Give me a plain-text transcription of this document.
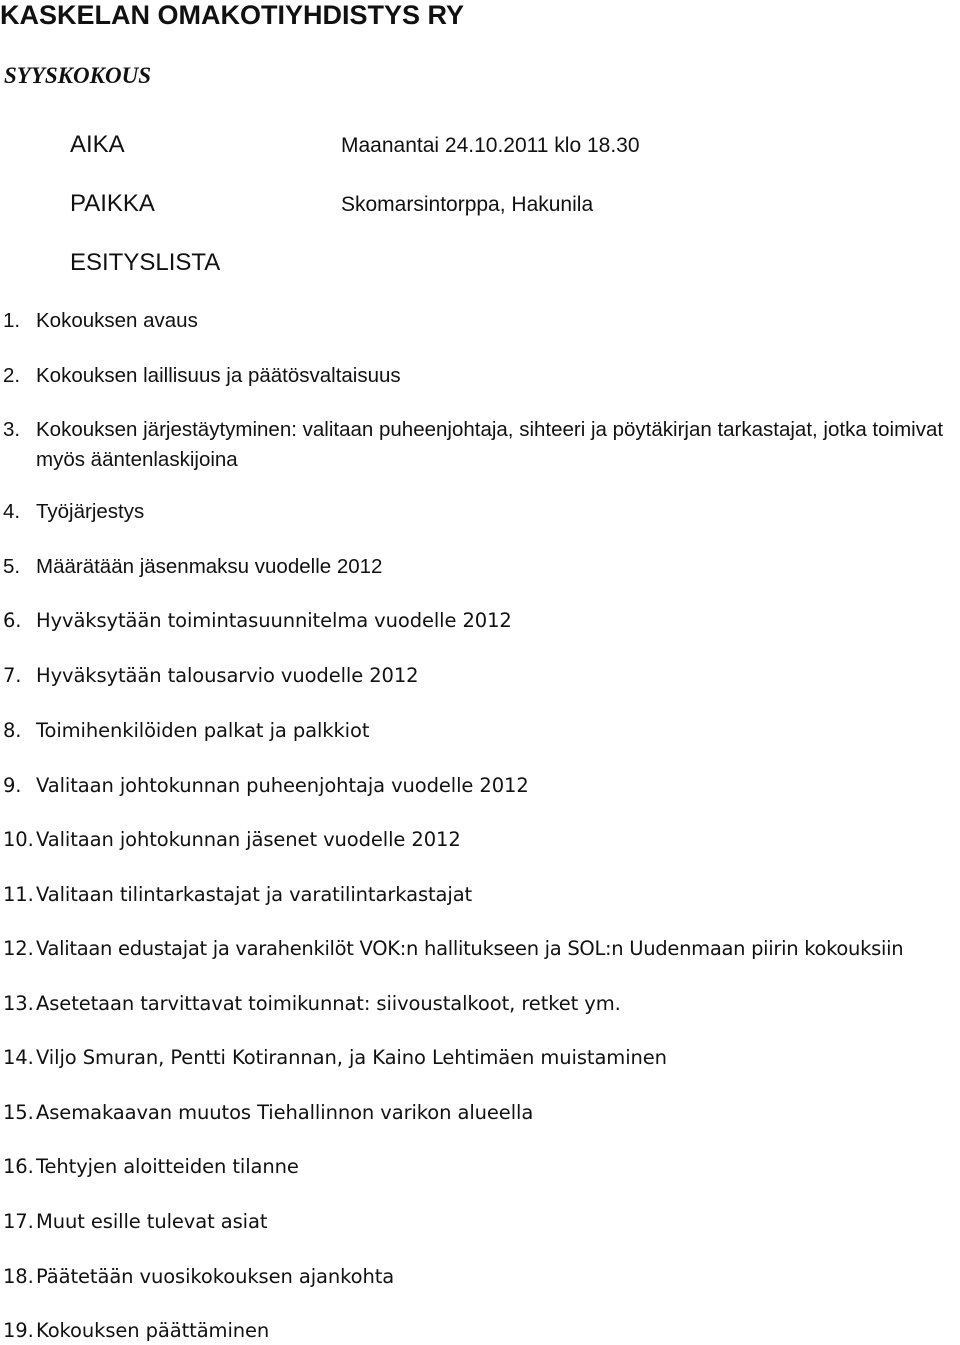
KASKELAN OMAKOTIYHDISTYS RY
SYYSKOKOUS
AIKA	Maanantai 24.10.2011 klo 18.30
PAIKKA	Skomarsintorppa, Hakunila
ESITYSLISTA
1. Kokouksen avaus
2. Kokouksen laillisuus ja päätösvaltaisuus
3. Kokouksen järjestäytyminen: valitaan puheenjohtaja, sihteeri ja pöytäkirjan tarkastajat, jotka toimivat myös ääntenlaskijoina
4. Työjärjestys
5. Määrätään jäsenmaksu vuodelle 2012
6. Hyväksytään toimintasuunnitelma vuodelle 2012
7. Hyväksytään talousarvio vuodelle 2012
8. Toimihenkilöiden palkat ja palkkiot
9. Valitaan johtokunnan puheenjohtaja vuodelle 2012
10. Valitaan johtokunnan jäsenet vuodelle 2012
11. Valitaan tilintarkastajat ja varatilintarkastajat
12. Valitaan edustajat ja varahenkilöt VOK:n hallitukseen ja SOL:n Uudenmaan piirin kokouksiin
13. Asetetaan tarvittavat toimikunnat: siivoustalkoot, retket ym.
14. Viljo Smuran, Pentti Kotirannan, ja Kaino Lehtimäen muistaminen
15. Asemakaavan muutos Tiehallinnon varikon alueella
16. Tehtyjen aloitteiden tilanne
17. Muut esille tulevat asiat
18. Päätetään vuosikokouksen ajankohta
19. Kokouksen päättäminen
